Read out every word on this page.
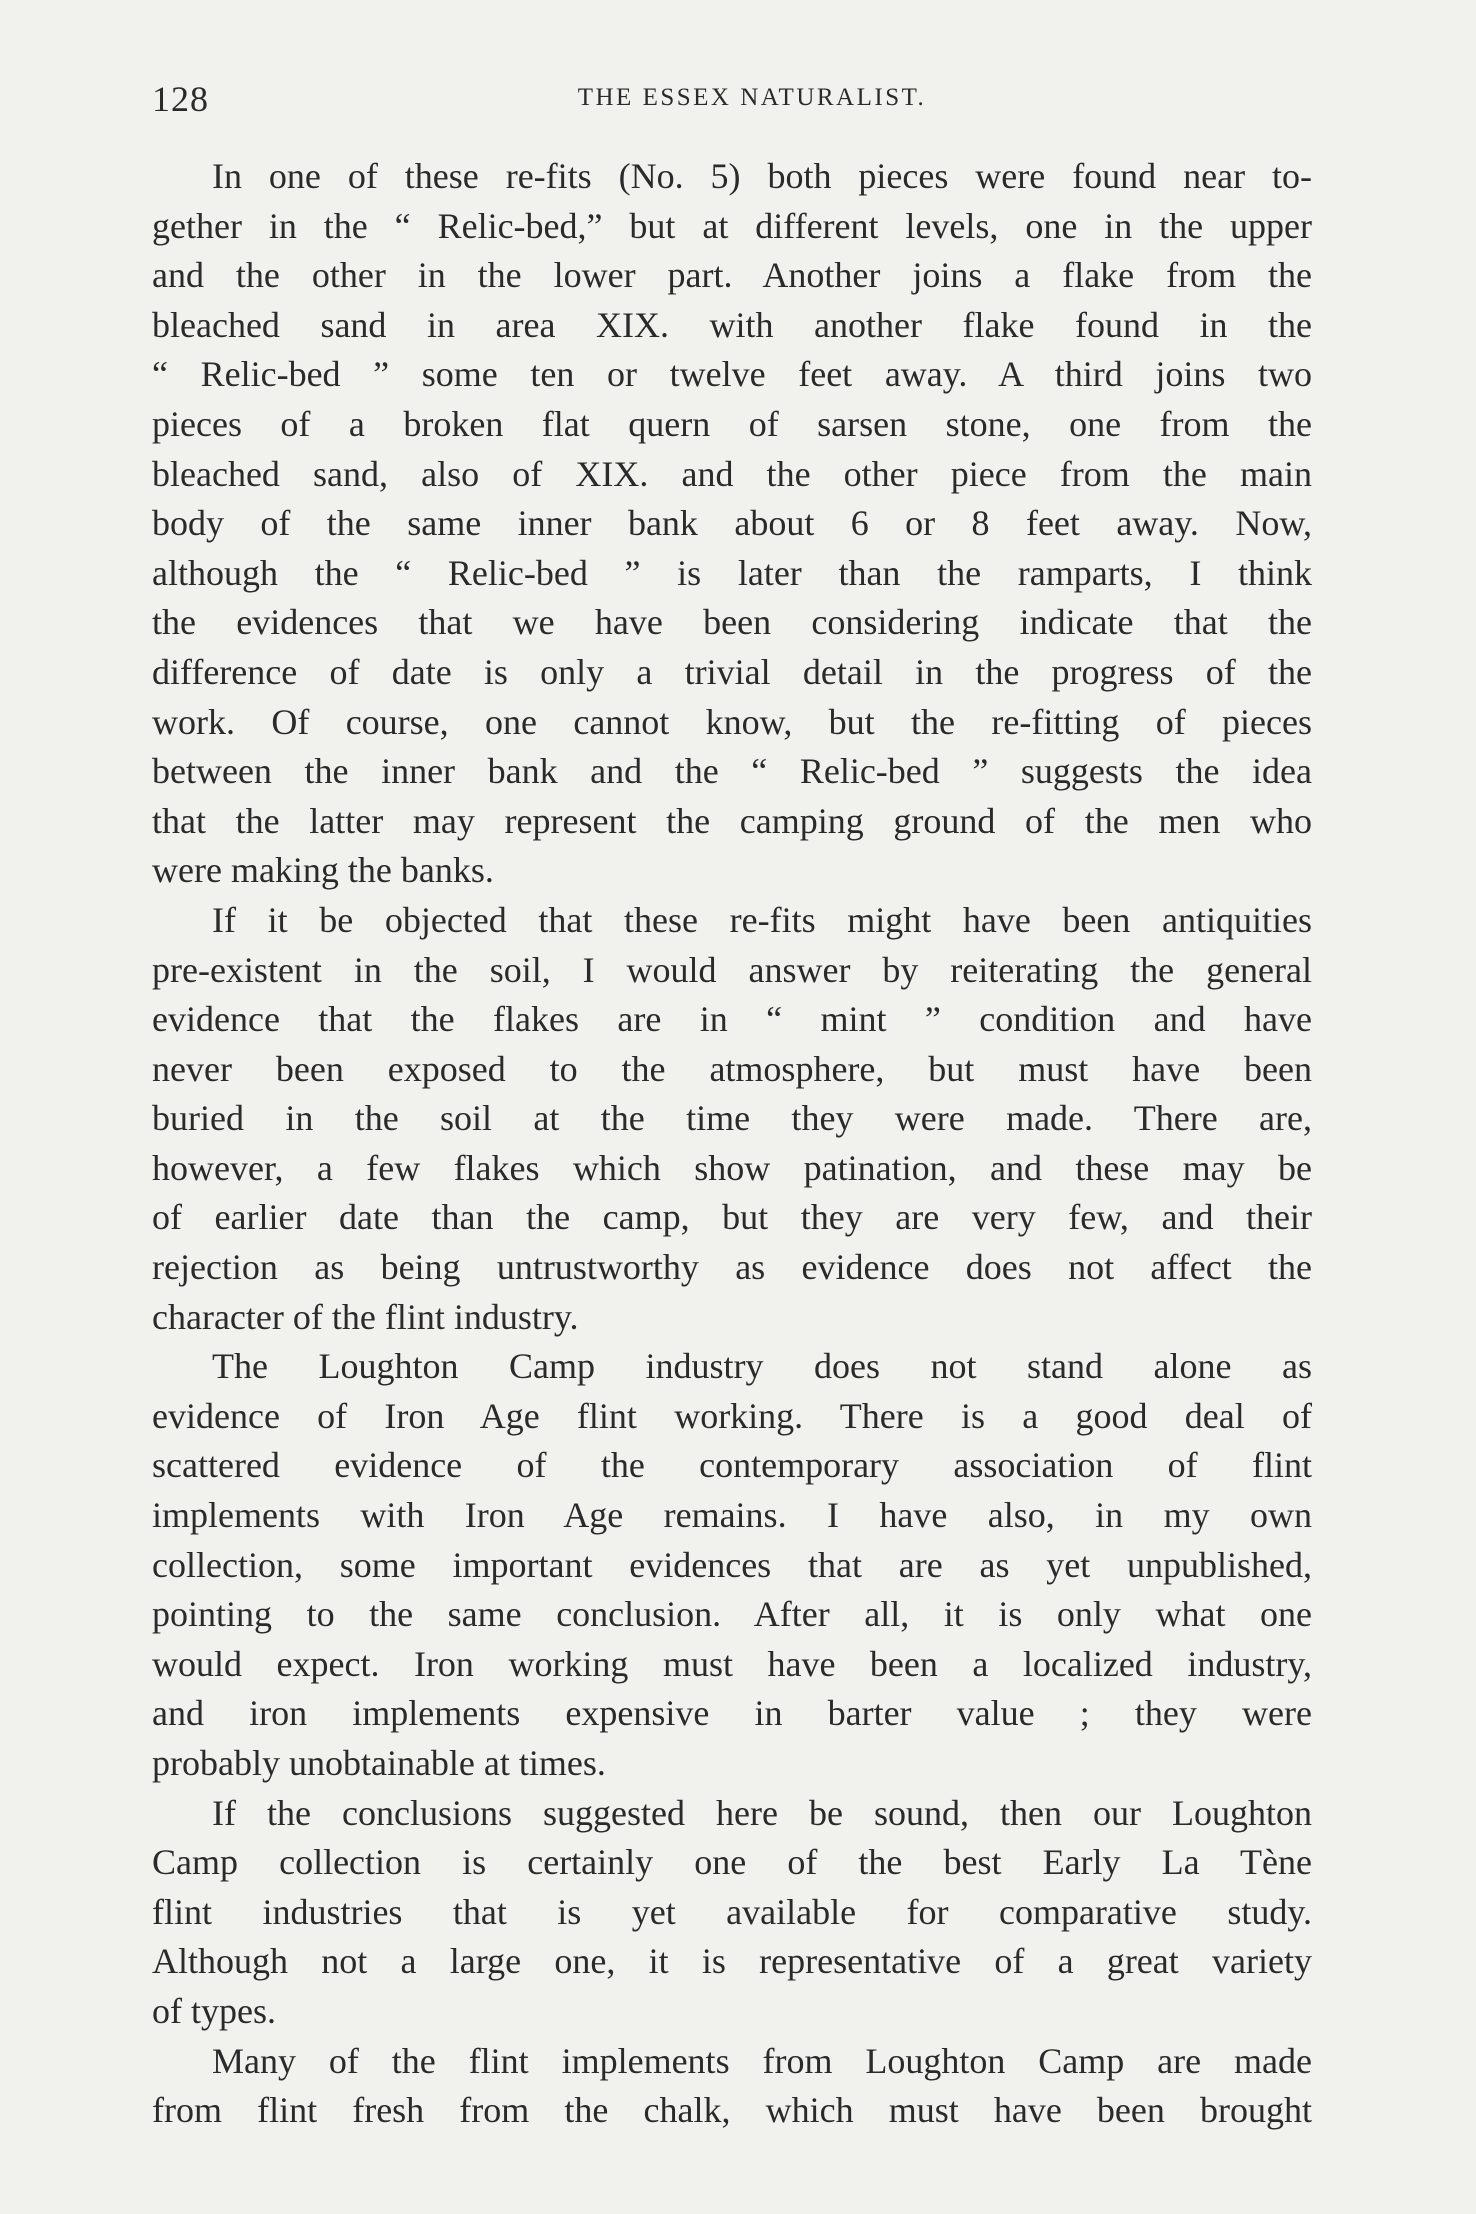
128	THE ESSEX NATURALIST.
In one of these re-fits (No. 5) both pieces were found near to-
gether in the “ Relic-bed,” but at different levels, one in the upper
and the other in the lower part. Another joins a flake from the
bleached sand in area XIX. with another flake found in the
“ Relic-bed ” some ten or twelve feet away. A third joins two
pieces of a broken flat quern of sarsen stone, one from the
bleached sand, also of XIX. and the other piece from the main
body of the same inner bank about 6 or 8 feet away. Now,
although the “ Relic-bed ” is later than the ramparts, I think
the evidences that we have been considering indicate that the
difference of date is only a trivial detail in the progress of the
work. Of course, one cannot know, but the re-fitting of pieces
between the inner bank and the “ Relic-bed ” suggests the idea
that the latter may represent the camping ground of the men who
were making the banks.
If it be objected that these re-fits might have been antiquities
pre-existent in the soil, I would answer by reiterating the general
evidence that the flakes are in “ mint ” condition and have
never been exposed to the atmosphere, but must have been
buried in the soil at the time they were made. There are,
however, a few flakes which show patination, and these may be
of earlier date than the camp, but they are very few, and their
rejection as being untrustworthy as evidence does not affect the
character of the flint industry.
The Loughton Camp industry does not stand alone as
evidence of Iron Age flint working. There is a good deal of
scattered evidence of the contemporary association of flint
implements with Iron Age remains. I have also, in my own
collection, some important evidences that are as yet unpublished,
pointing to the same conclusion. After all, it is only what one
would expect. Iron working must have been a localized industry,
and iron implements expensive in barter value ; they were
probably unobtainable at times.
If the conclusions suggested here be sound, then our Loughton
Camp collection is certainly one of the best Early La Tène
flint industries that is yet available for comparative study.
Although not a large one, it is representative of a great variety
of types.
Many of the flint implements from Loughton Camp are made
from flint fresh from the chalk, which must have been brought
